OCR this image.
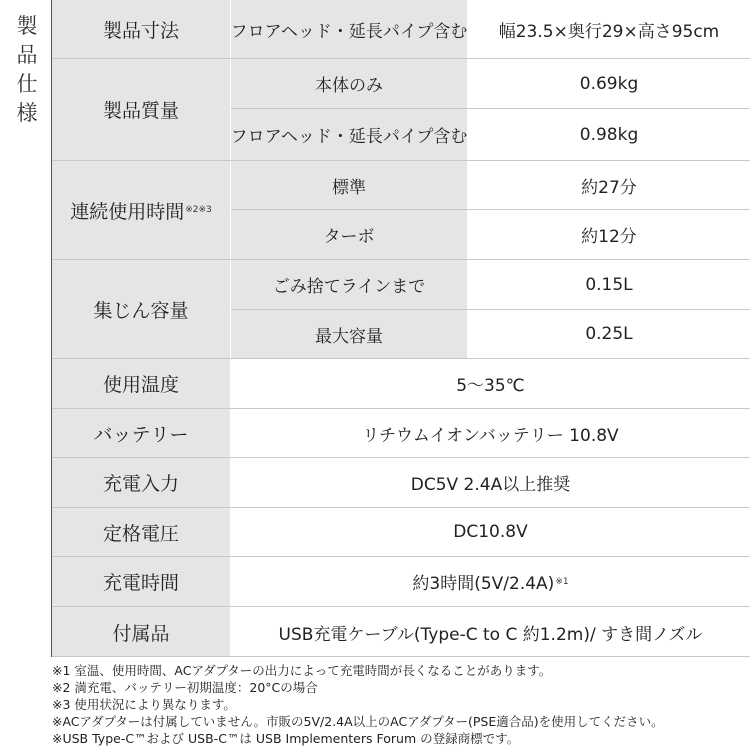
製
品
仕
様
製品寸法	フロアヘッド・延長パイプ含む	幅23.5×奥行29×高さ95cm
製品質量
本体のみ	0.69kg
フロアヘッド・延長パイプ含む	0.98kg
連続使用時間 ※2※3
標準	約27分
ターボ	約12分
集じん容量
ごみ捨てラインまで	0.15L
最大容量	0.25L
使用温度	5〜35℃
バッテリー	リチウムイオンバッテリー 10.8V
充電入力	DC5V 2.4A以上推奨
定格電圧	DC10.8V
充電時間	約3時間(5V/2.4A) ※1
付属品	USB充電ケーブル(Type-C to C 約1.2m)/ すき間ノズル
※1 室温、使用時間、ACアダプターの出力によって充電時間が長くなることがあります。
※2 満充電、バッテリー初期温度：20°Cの場合
※3 使用状況により異なります。
※ACアダプターは付属していません。市販の5V/2.4A以上のACアダプター(PSE適合品)を使用してください。
※USB Type-C™および USB-C™は USB Implementers Forum の登録商標です。
